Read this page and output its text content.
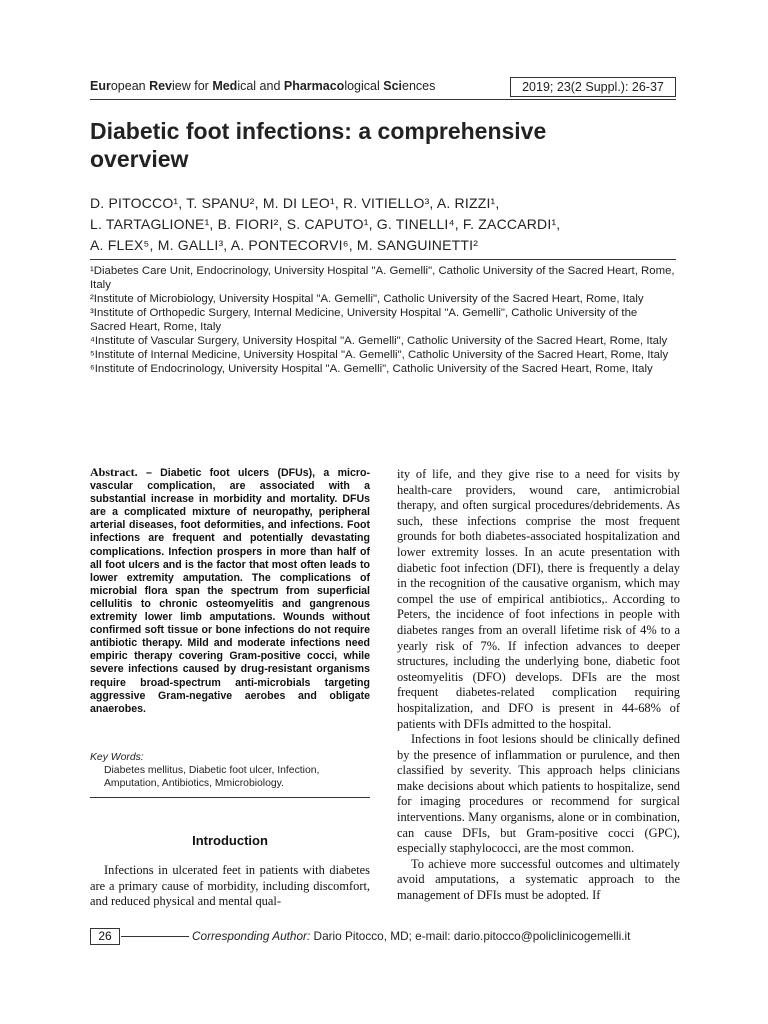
European Review for Medical and Pharmacological Sciences	2019; 23(2 Suppl.): 26-37
Diabetic foot infections: a comprehensive overview
D. PITOCCO¹, T. SPANU², M. DI LEO¹, R. VITIELLO³, A. RIZZI¹,
L. TARTAGLIONE¹, B. FIORI², S. CAPUTO¹, G. TINELLI⁴, F. ZACCARDI¹,
A. FLEX⁵, M. GALLI³, A. PONTECORVI⁶, M. SANGUINETTI²

¹Diabetes Care Unit, Endocrinology, University Hospital "A. Gemelli", Catholic University of the Sacred Heart, Rome, Italy

²Institute of Microbiology, University Hospital "A. Gemelli", Catholic University of the Sacred Heart, Rome, Italy

³Institute of Orthopedic Surgery, Internal Medicine, University Hospital "A. Gemelli", Catholic University of the Sacred Heart, Rome, Italy

⁴Institute of Vascular Surgery, University Hospital "A. Gemelli", Catholic University of the Sacred Heart, Rome, Italy

⁵Institute of Internal Medicine, University Hospital "A. Gemelli", Catholic University of the Sacred Heart, Rome, Italy

⁶Institute of Endocrinology, University Hospital "A. Gemelli", Catholic University of the Sacred Heart, Rome, Italy

Abstract. – Diabetic foot ulcers (DFUs), a micro-vascular complication, are associated with a substantial increase in morbidity and mortality. DFUs are a complicated mixture of neuropathy, peripheral arterial diseases, foot deformities, and infections. Foot infections are frequent and potentially devastating complications. Infection prospers in more than half of all foot ulcers and is the factor that most often leads to lower extremity amputation. The complications of microbial flora span the spectrum from superficial cellulitis to chronic osteomyelitis and gangrenous extremity lower limb amputations. Wounds without confirmed soft tissue or bone infections do not require antibiotic therapy. Mild and moderate infections need empiric therapy covering Gram-positive cocci, while severe infections caused by drug-resistant organisms require broad-spectrum anti-microbials targeting aggressive Gram-negative aerobes and obligate anaerobes.
Key Words:
Diabetes mellitus, Diabetic foot ulcer, Infection, Amputation, Antibiotics, Mmicrobiology.
Introduction
Infections in ulcerated feet in patients with diabetes are a primary cause of morbidity, including discomfort, and reduced physical and mental qual-

ity of life, and they give rise to a need for visits by health-care providers, wound care, antimicrobial therapy, and often surgical procedures/debridements. As such, these infections comprise the most frequent grounds for both diabetes-associated hospitalization and lower extremity losses. In an acute presentation with diabetic foot infection (DFI), there is frequently a delay in the recognition of the causative organism, which may compel the use of empirical antibiotics,. According to Peters, the incidence of foot infections in people with diabetes ranges from an overall lifetime risk of 4% to a yearly risk of 7%. If infection advances to deeper structures, including the underlying bone, diabetic foot osteomyelitis (DFO) develops. DFIs are the most frequent diabetes-related complication requiring hospitalization, and DFO is present in 44-68% of patients with DFIs admitted to the hospital.

Infections in foot lesions should be clinically defined by the presence of inflammation or purulence, and then classified by severity. This approach helps clinicians make decisions about which patients to hospitalize, send for imaging procedures or recommend for surgical interventions. Many organisms, alone or in combination, can cause DFIs, but Gram-positive cocci (GPC), especially staphylococci, are the most common.

To achieve more successful outcomes and ultimately avoid amputations, a systematic approach to the management of DFIs must be adopted. If

26	Corresponding Author: Dario Pitocco, MD; e-mail: dario.pitocco@policlinicogemelli.it
